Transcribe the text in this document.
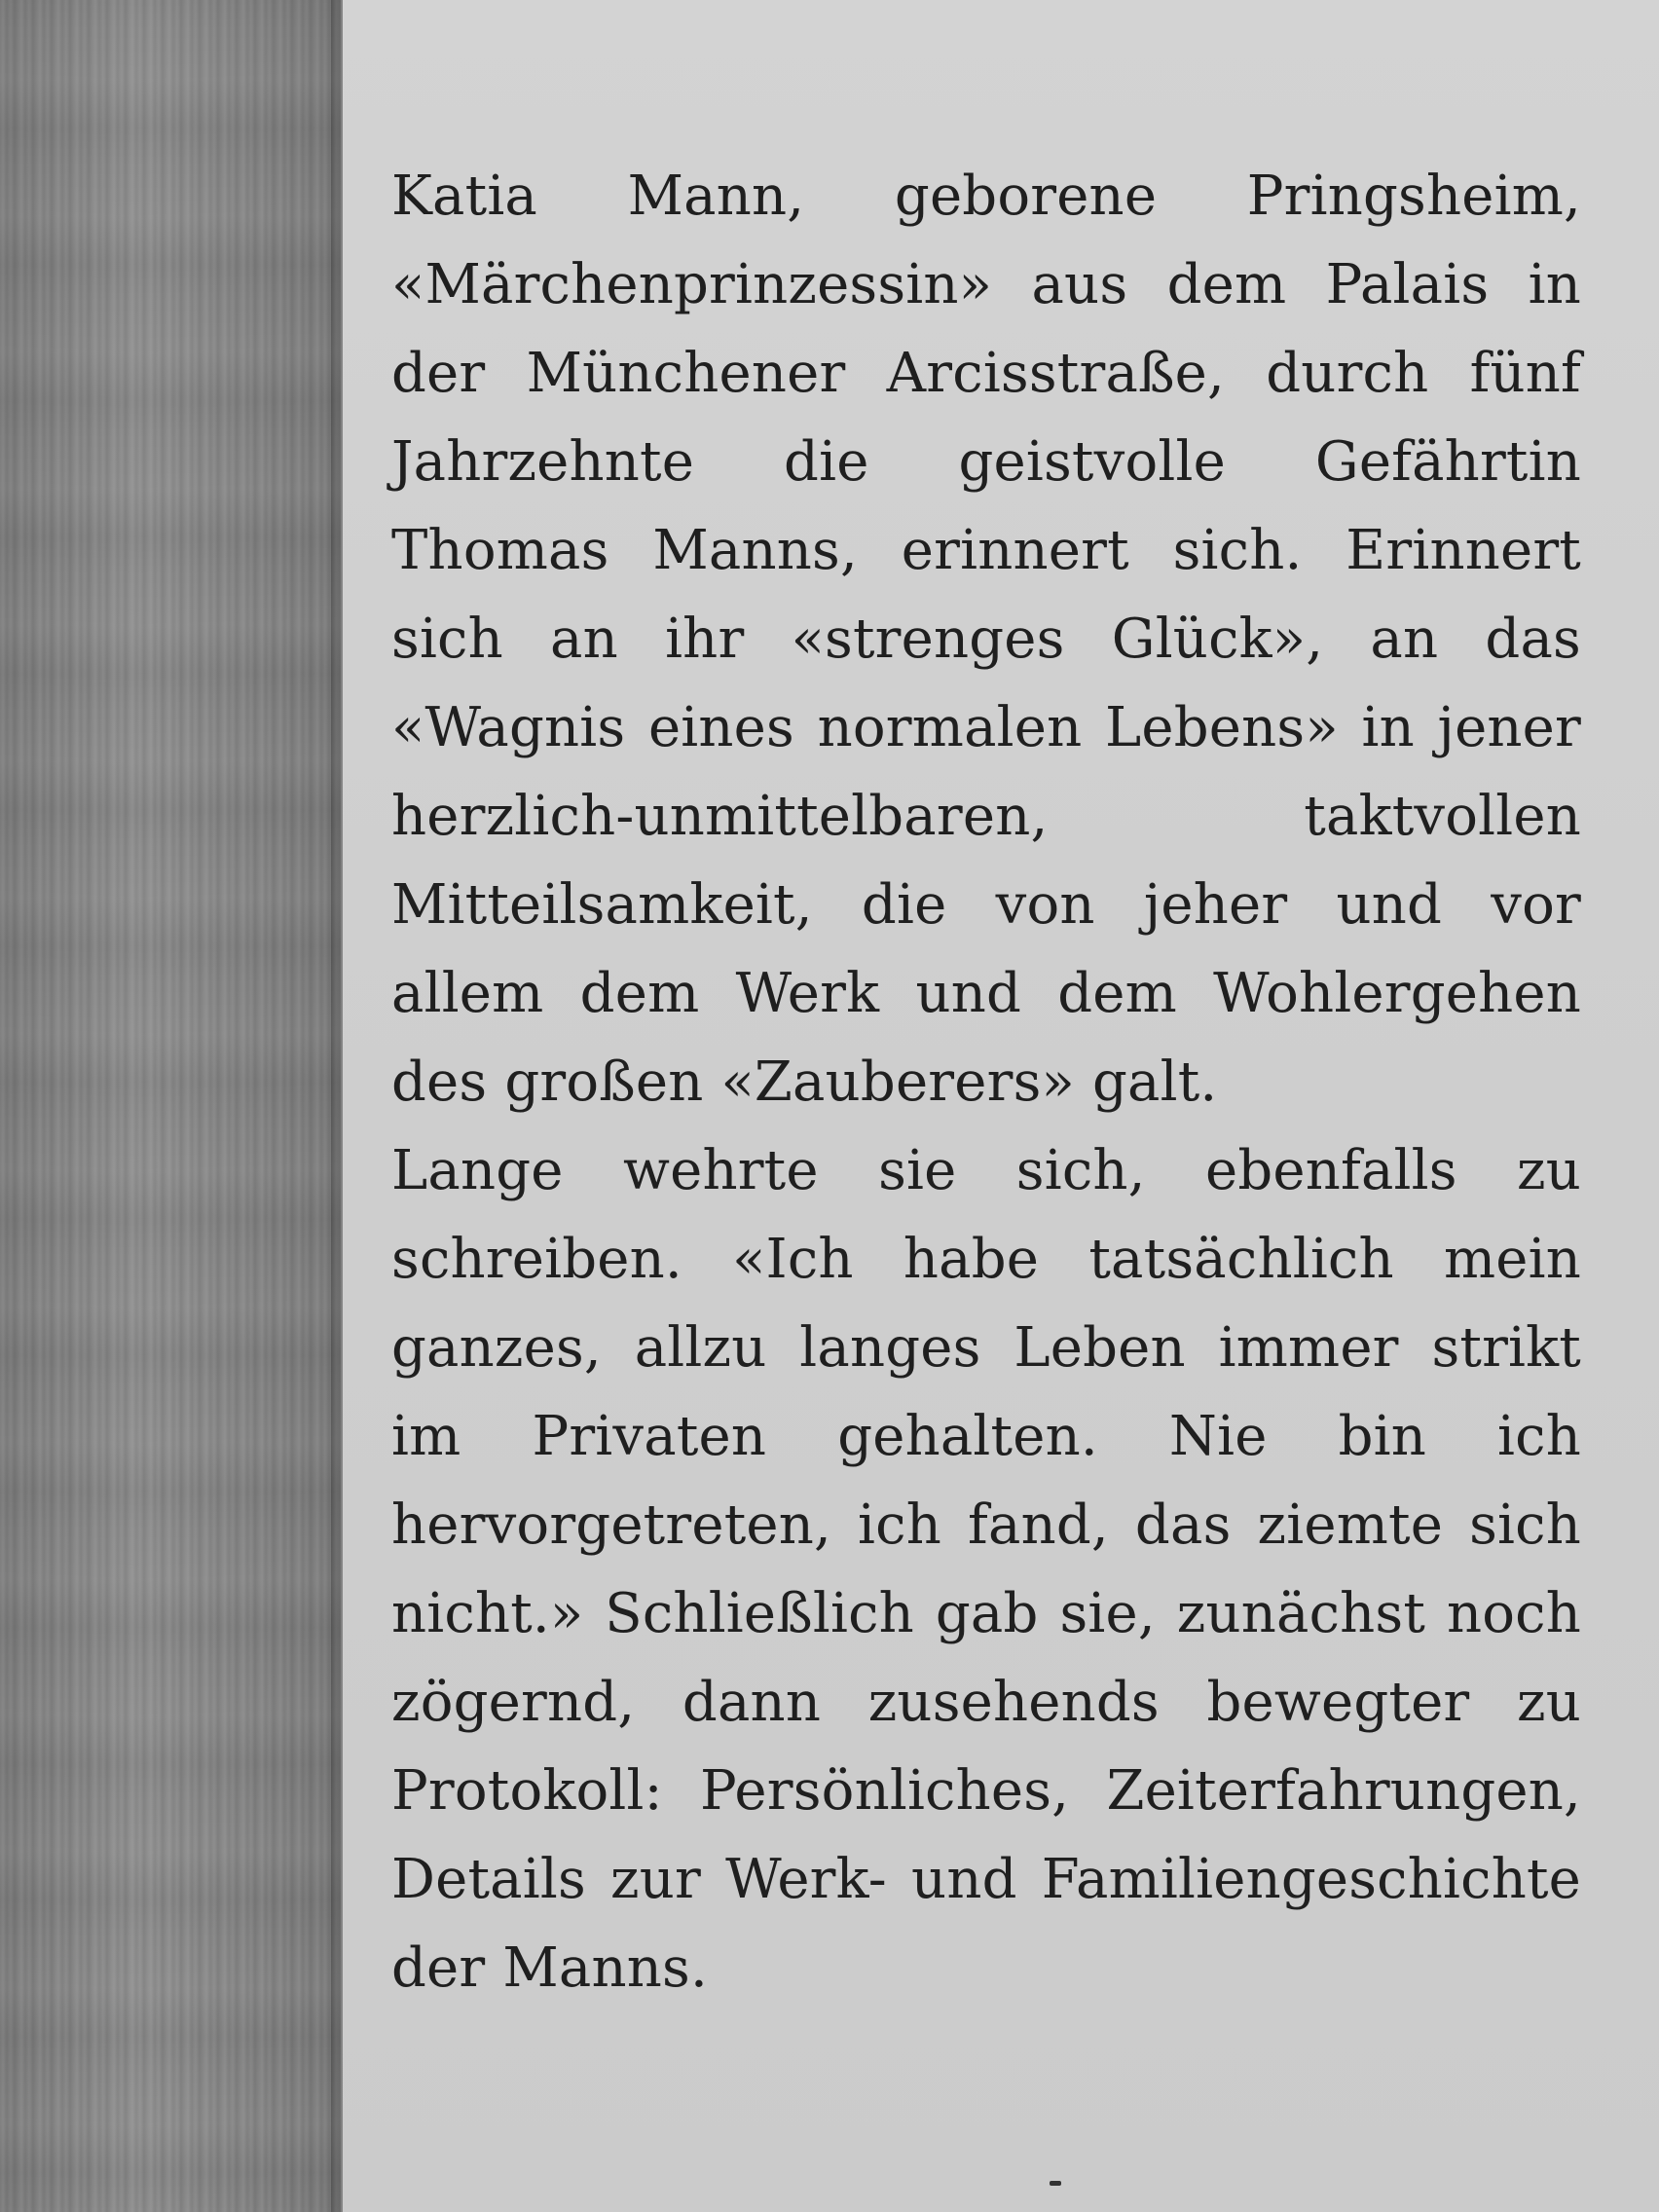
Katia Mann, geborene Pringsheim, «Märchenprinzessin» aus dem Palais in der Münchener Arcisstraße, durch fünf Jahrzehnte die geistvolle Gefährtin Thomas Manns, erinnert sich. Erinnert sich an ihr «strenges Glück», an das «Wagnis eines normalen Lebens» in jener herzlich-unmittelbaren, taktvollen Mitteilsamkeit, die von jeher und vor allem dem Werk und dem Wohlergehen des großen «Zauberers» galt.

Lange wehrte sie sich, ebenfalls zu schreiben. «Ich habe tatsächlich mein ganzes, allzu langes Leben immer strikt im Privaten gehalten. Nie bin ich hervorgetreten, ich fand, das ziemte sich nicht.» Schließlich gab sie, zunächst noch zögernd, dann zusehends bewegter zu Protokoll: Persönliches, Zeiterfahrungen, Details zur Werk- und Familiengeschichte der Manns.
